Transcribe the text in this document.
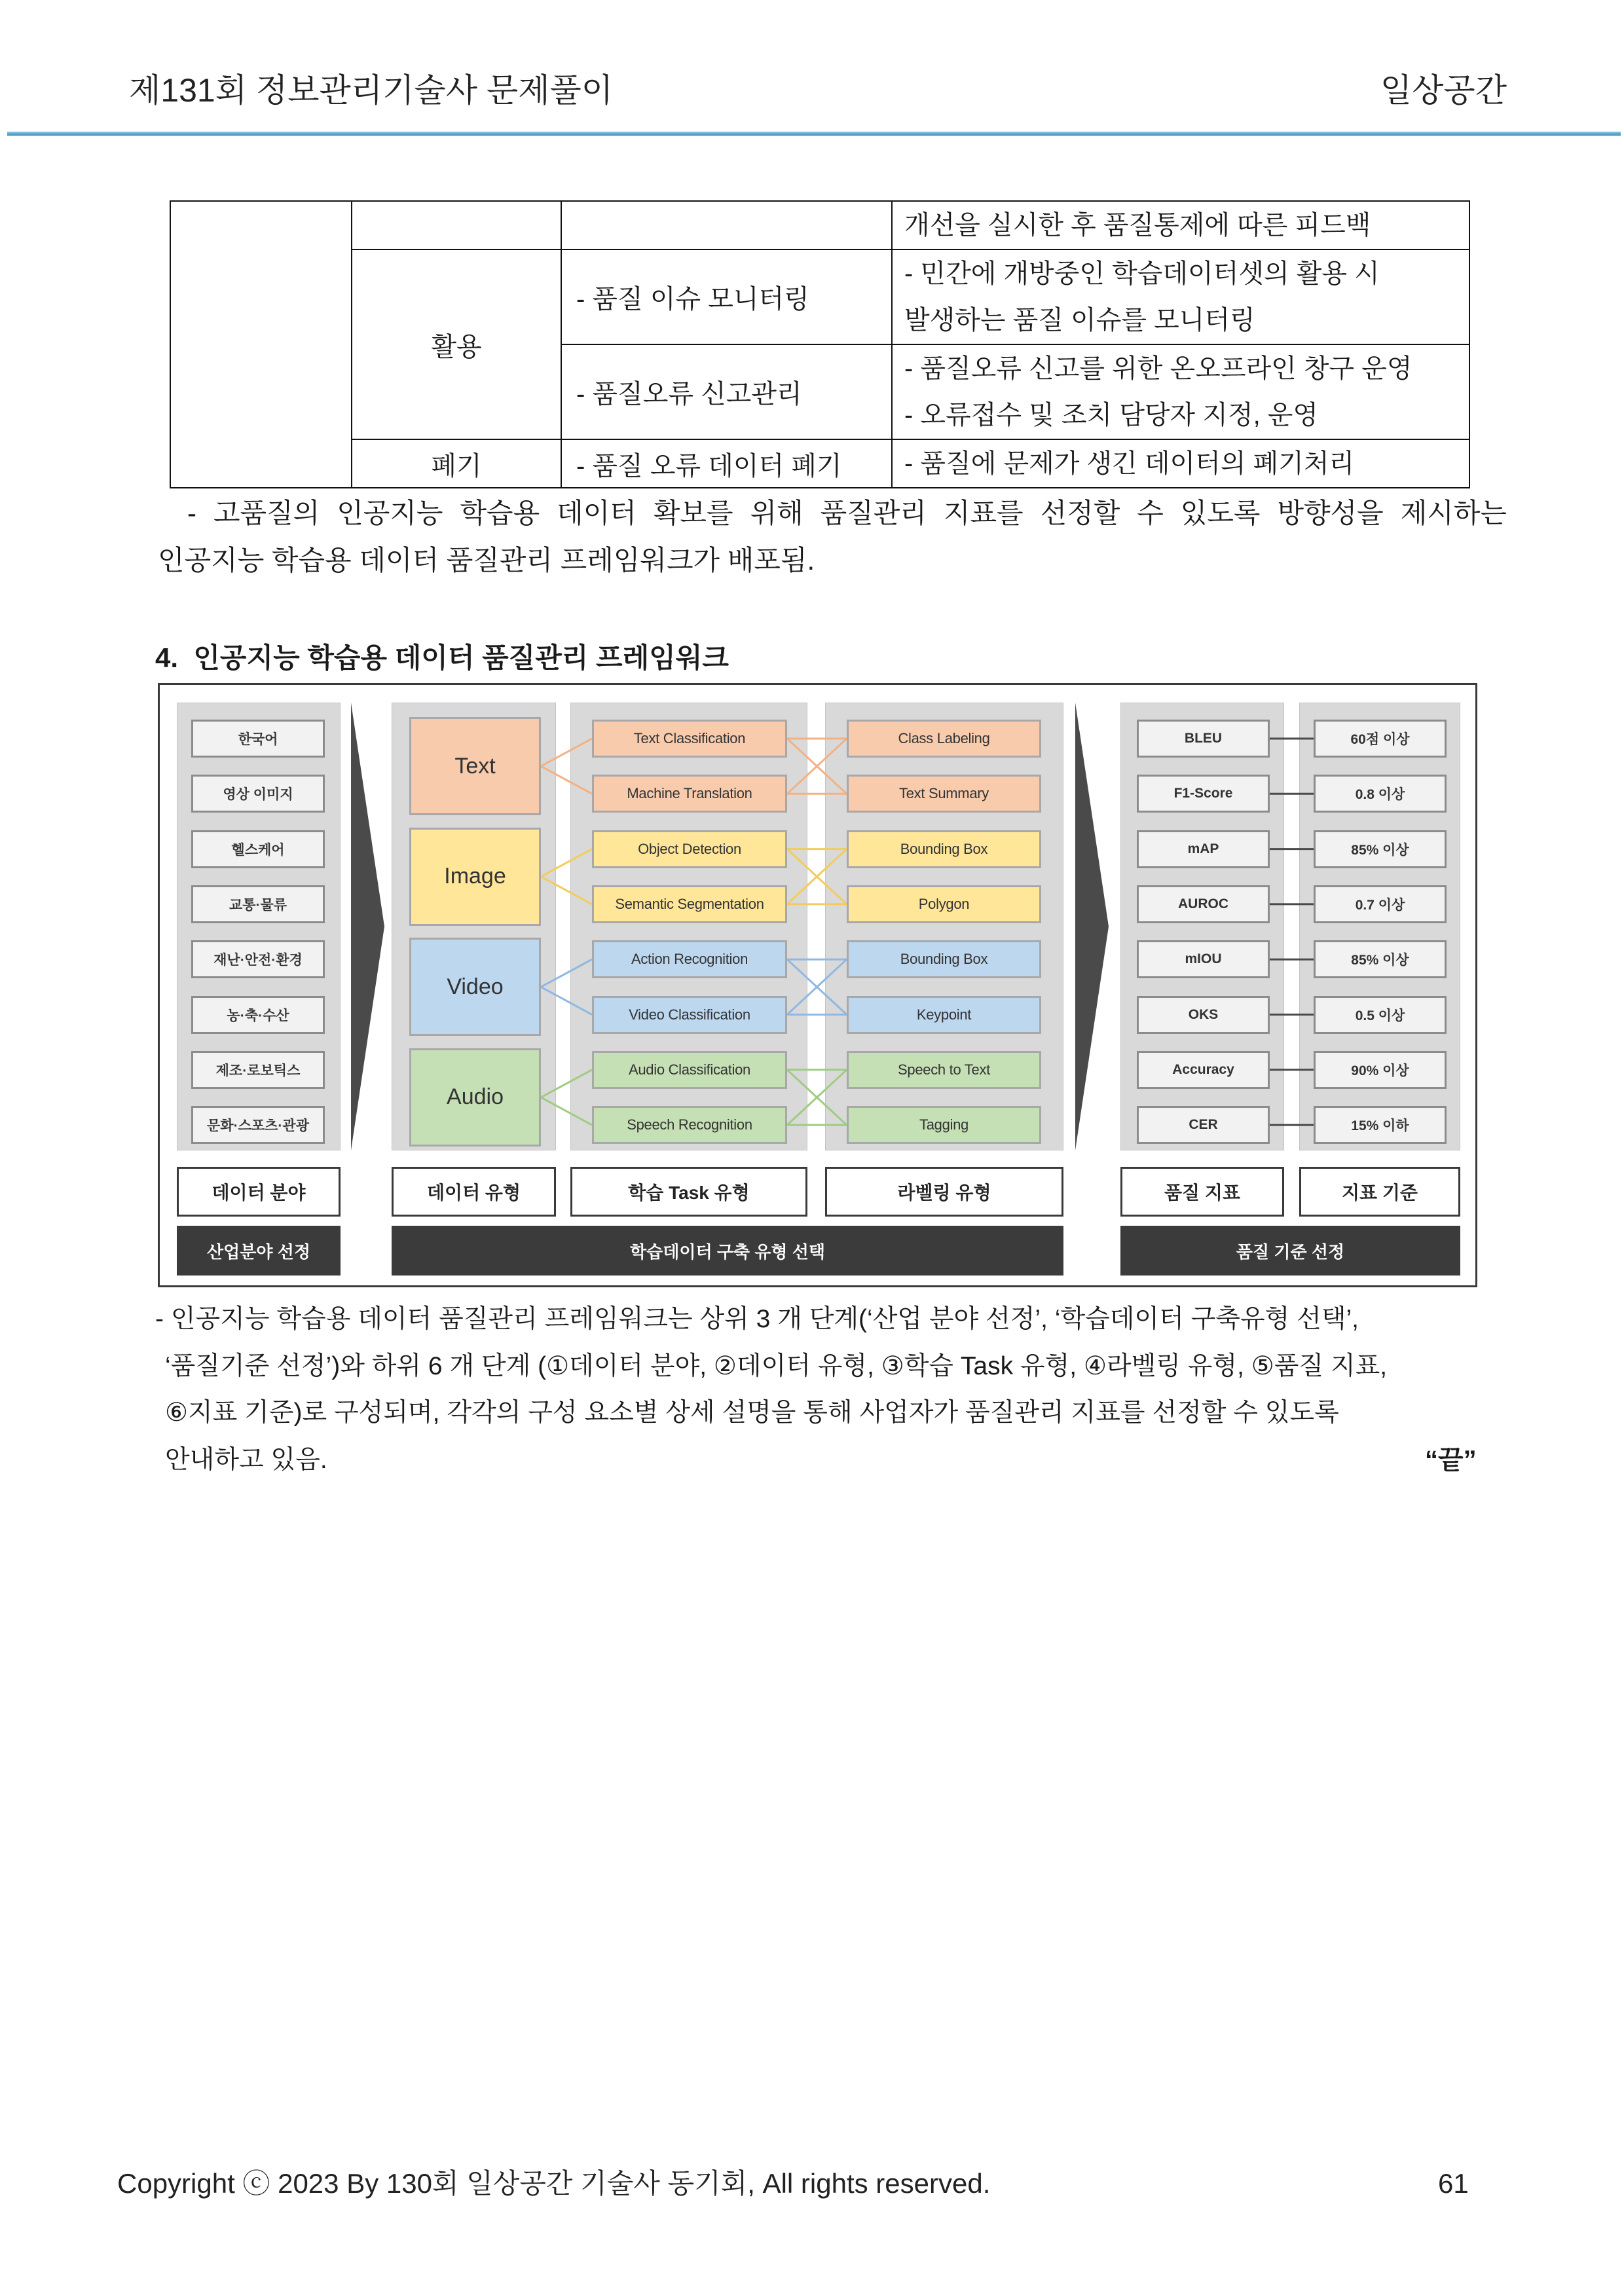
제131회 정보관리기술사 문제풀이	일상공간
			개선을 실시한 후 품질통제에 따른 피드백
	활용	- 품질 이슈 모니터링	- 민간에 개방중인 학습데이터셋의 활용 시
발생하는 품질 이슈를 모니터링

		- 품질오류 신고관리	- 품질오류 신고를 위한 온오프라인 창구 운영
- 오류접수 및 조치 담당자 지정, 운영

	폐기	- 품질 오류 데이터 폐기	- 품질에 문제가 생긴 데이터의 폐기처리
- 고품질의 인공지능 학습용 데이터 확보를 위해 품질관리 지표를 선정할 수 있도록 방향성을 제시하는
인공지능 학습용 데이터 품질관리 프레임워크가 배포됨.
4.  인공지능 학습용 데이터 품질관리 프레임워크
한국어
영상 이미지
헬스케어
교통·물류
재난·안전·환경
농·축·수산
제조·로보틱스
문화·스포츠·관광
Text
Image
Video
Audio
Text Classification
Machine Translation
Object Detection
Semantic Segmentation
Action Recognition
Video Classification
Audio Classification
Speech Recognition
Class Labeling
Text Summary
Bounding Box
Polygon
Bounding Box
Keypoint
Speech to Text
Tagging
BLEU
F1-Score
mAP
AUROC
mIOU
OKS
Accuracy
CER
60점 이상
0.8 이상
85% 이상
0.7 이상
85% 이상
0.5 이상
90% 이상
15% 이하
데이터 분야	데이터 유형	학습 Task 유형	라벨링 유형	품질 지표	지표 기준
산업분야 선정	학습데이터 구축 유형 선택	품질 기준 선정
- 인공지능 학습용 데이터 품질관리 프레임워크는 상위 3 개 단계(‘산업 분야 선정’, ‘학습데이터 구축유형 선택’,
‘품질기준 선정’)와 하위 6 개 단계 (①데이터 분야, ②데이터 유형, ③학습 Task 유형, ④라벨링 유형, ⑤품질 지표,
⑥지표 기준)로 구성되며, 각각의 구성 요소별 상세 설명을 통해 사업자가 품질관리 지표를 선정할 수 있도록
안내하고 있음.	“끝”
Copyright ⓒ 2023 By 130회 일상공간 기술사 동기회, All rights reserved.	61
